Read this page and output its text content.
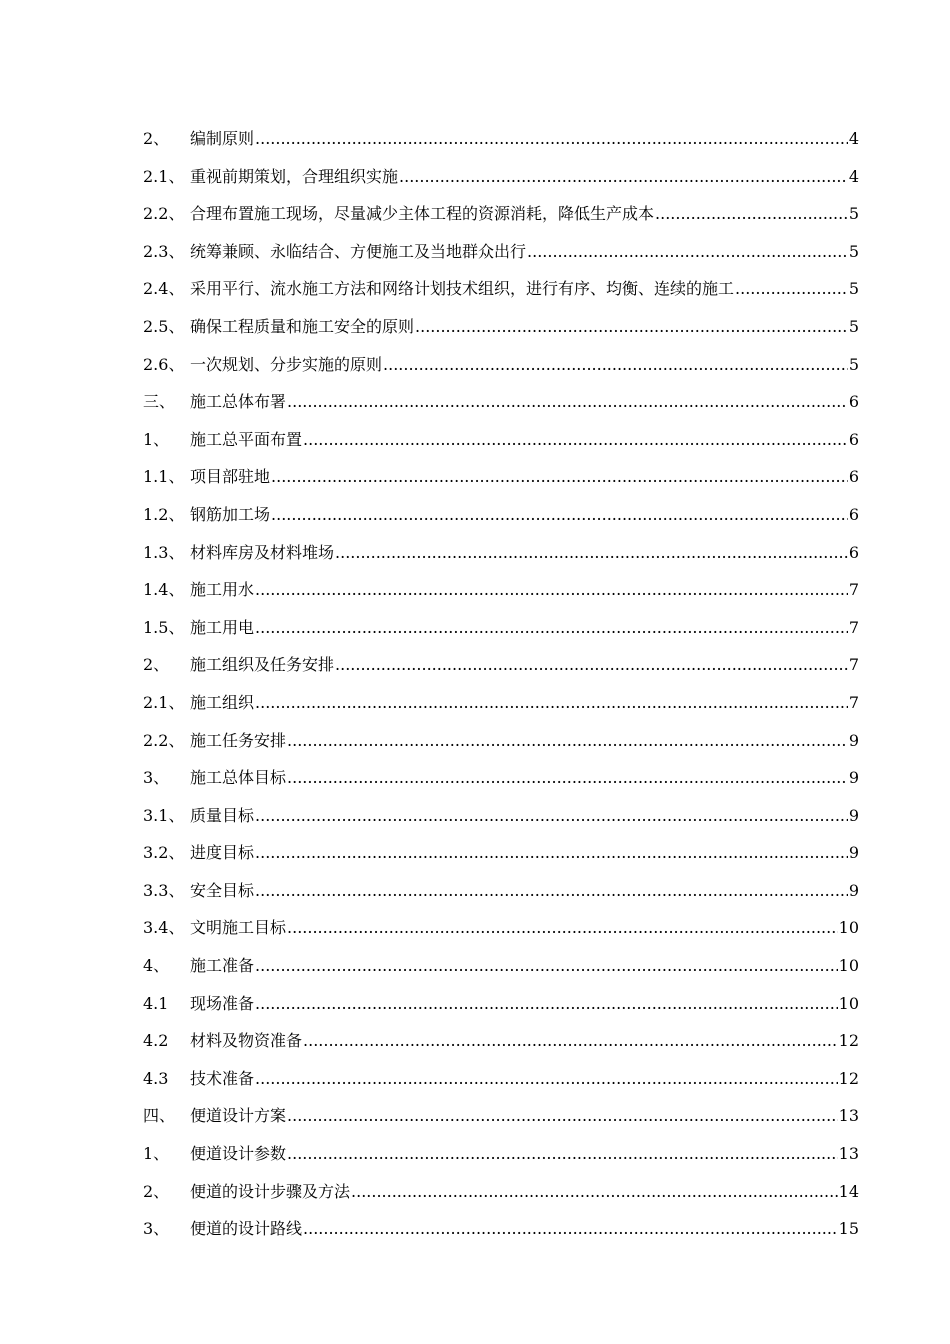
2、	编制原则 .....	4
2.1、 重视前期策划，合理组织实施 .....	4
2.2、 合理布置施工现场，尽量减少主体工程的资源消耗，降低生产成本 .....	5
2.3、 统筹兼顾、永临结合、方便施工及当地群众出行 .....	5
2.4、 采用平行、流水施工方法和网络计划技术组织，进行有序、均衡、连续的施工 .....	5
2.5、 确保工程质量和施工安全的原则 .....	5
2.6、 一次规划、分步实施的原则 .....	5
三、 施工总体布署 .....	6
1、	施工总平面布置 .....	6
1.1、 项目部驻地 .....	6
1.2、 钢筋加工场 .....	6
1.3、 材料库房及材料堆场 .....	6
1.4、 施工用水 .....	7
1.5、 施工用电 .....	7
2、	施工组织及任务安排 .....	7
2.1、 施工组织 .....	7
2.2、 施工任务安排 .....	9
3、	施工总体目标 .....	9
3.1、 质量目标 .....	9
3.2、 进度目标 .....	9
3.3、 安全目标 .....	9
3.4、 文明施工目标 .....	10
4、	施工准备 .....	10
4.1	现场准备 .....	10
4.2	材料及物资准备 .....	12
4.3	技术准备 .....	12
四、 便道设计方案 .....	13
1、	便道设计参数 .....	13
2、	便道的设计步骤及方法 .....	14
3、	便道的设计路线 .....	15
